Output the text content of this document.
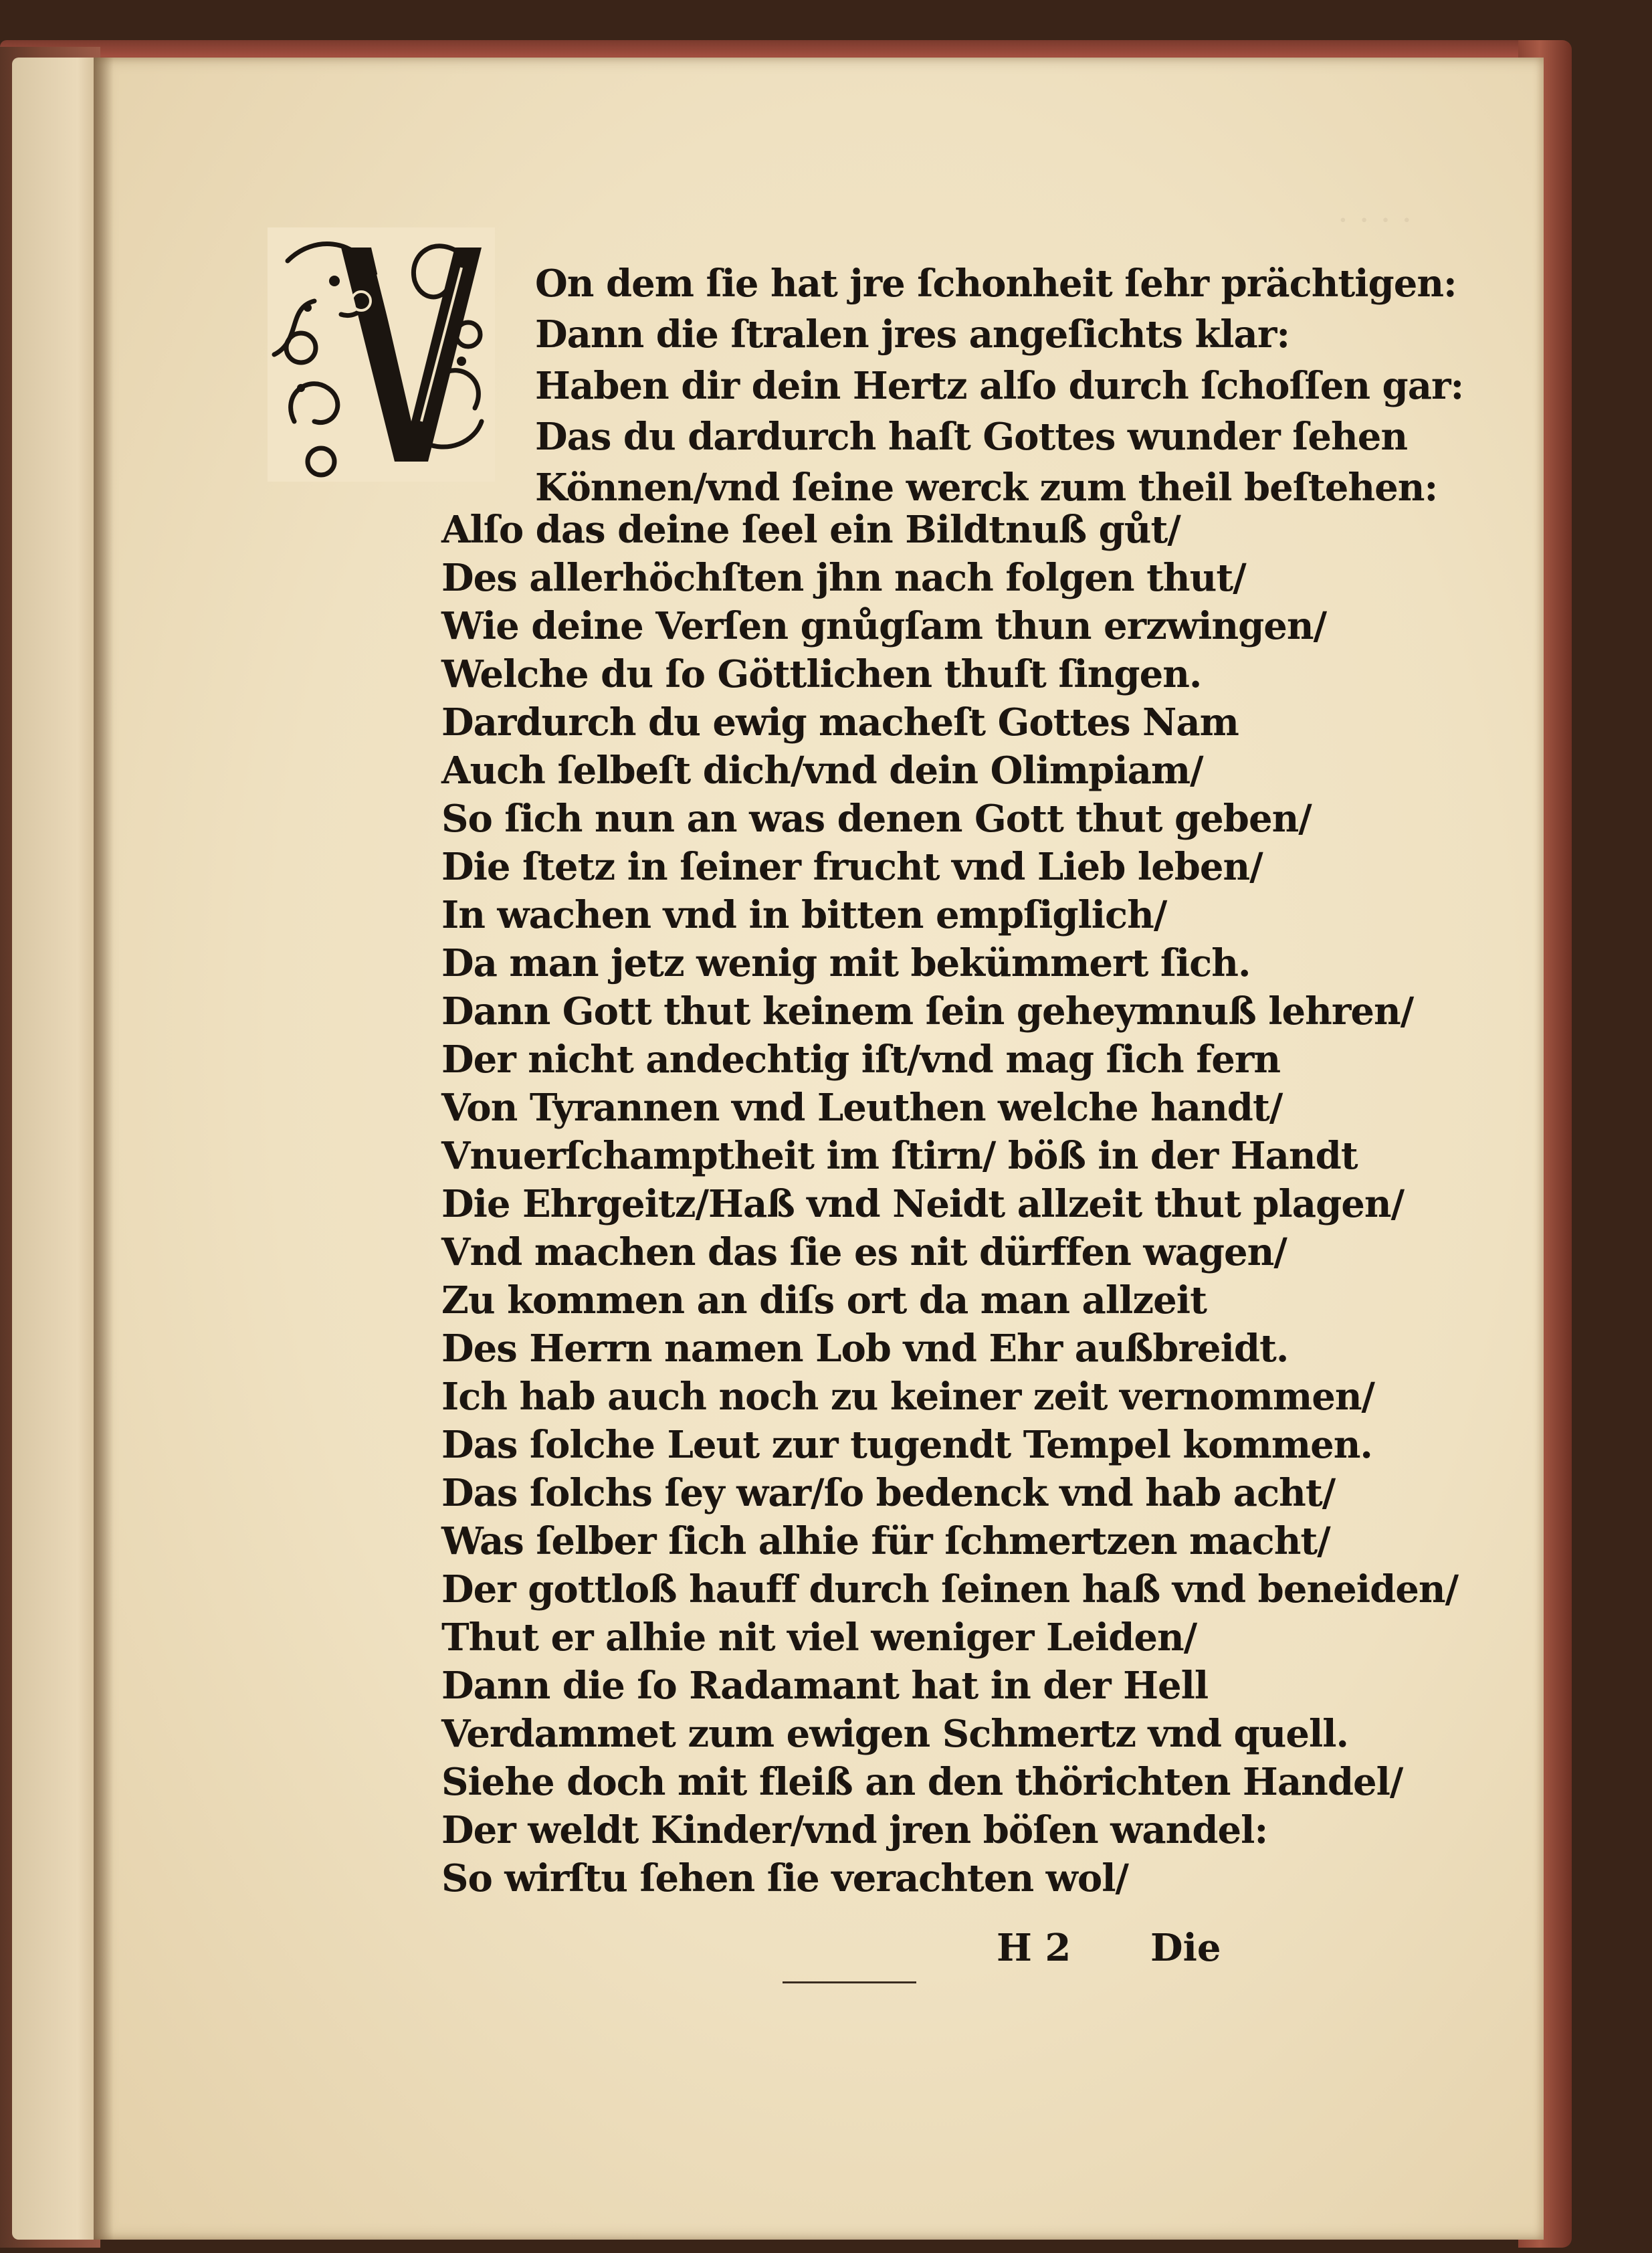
· · · ·
On dem ſie hat jre ſchonheit ſehr prächtigen:
Dann die ſtralen jres angeſichts klar:
Haben dir dein Hertz alſo durch ſchoſſen gar:
Das du dardurch haſt Gottes wunder ſehen
Können/vnd ſeine werck zum theil beſtehen:
Alſo das deine ſeel ein Bildtnuß gůt/
Des allerhöchſten jhn nach folgen thut/
Wie deine Verſen gnůgſam thun erzwingen/
Welche du ſo Göttlichen thuſt ſingen.
Dardurch du ewig macheſt Gottes Nam
Auch ſelbeſt dich/vnd dein Olimpiam/
So ſich nun an was denen Gott thut geben/
Die ſtetz in ſeiner frucht vnd Lieb leben/
In wachen vnd in bitten empſiglich/
Da man jetz wenig mit bekümmert ſich.
Dann Gott thut keinem ſein geheymnuß lehren/
Der nicht andechtig iſt/vnd mag ſich fern
Von Tyrannen vnd Leuthen welche handt/
Vnuerſchamptheit im ſtirn/ böß in der Handt
Die Ehrgeitz/Haß vnd Neidt allzeit thut plagen/
Vnd machen das ſie es nit dürffen wagen/
Zu kommen an diſs ort da man allzeit
Des Herrn namen Lob vnd Ehr außbreidt.
Ich hab auch noch zu keiner zeit vernommen/
Das ſolche Leut zur tugendt Tempel kommen.
Das ſolchs ſey war/ſo bedenck vnd hab acht/
Was ſelber ſich alhie für ſchmertzen macht/
Der gottloß hauff durch ſeinen haß vnd beneiden/
Thut er alhie nit viel weniger Leiden/
Dann die ſo Radamant hat in der Hell
Verdammet zum ewigen Schmertz vnd quell.
Siehe doch mit fleiß an den thörichten Handel/
Der weldt Kinder/vnd jren böſen wandel:
So wirſtu ſehen ſie verachten wol/
H 2 Die
